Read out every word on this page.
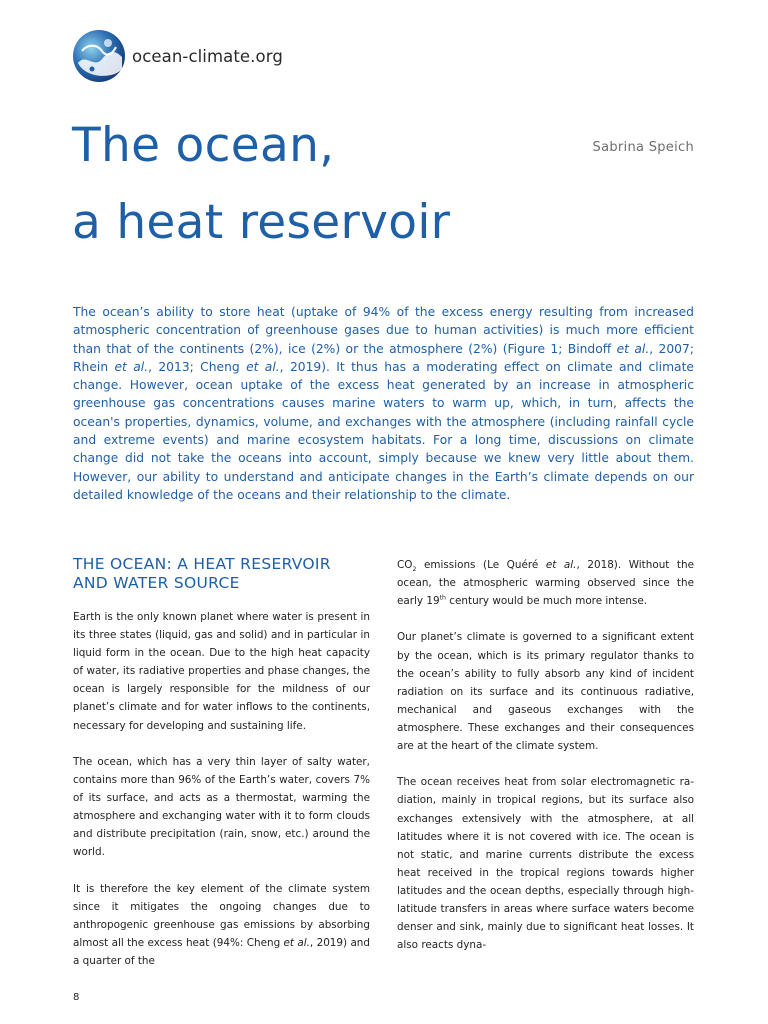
ocean-climate.org
The ocean,
a heat reservoir
Sabrina Speich

The ocean’s ability to store heat (uptake of 94% of the excess energy resulting from increased atmospheric concentration of greenhouse gases due to human activities) is much more efficient than that of the continents (2%), ice (2%) or the atmosphere (2%) (Figure 1; Bindoff et al., 2007; Rhein et al., 2013; Cheng et al., 2019). It thus has a moderating effect on climate and climate change. However, ocean uptake of the excess heat generated by an increase in atmospheric greenhouse gas concentrations causes marine waters to warm up, which, in turn, affects the ocean's properties, dynamics, volume, and exchanges with the atmosphere (including rainfall cycle and extreme events) and marine ecosystem habitats. For a long time, discussions on climate change did not take the oceans into account, simply because we knew very little about them. However, our ability to understand and anticipate changes in the Earth’s climate depends on our detailed knowledge of the oceans and their relationship to the climate.

THE OCEAN: A HEAT RESERVOIR AND WATER SOURCE

Earth is the only known planet where water is present in its three states (liquid, gas and solid) and in particular in liquid form in the ocean. Due to the high heat capacity of water, its radiative properties and phase changes, the ocean is largely responsible for the mildness of our planet’s climate and for water inflows to the continents, necessary for developing and sustaining life.

The ocean, which has a very thin layer of salty water, contains more than 96% of the Earth’s water, covers 7% of its surface, and acts as a thermostat, warming the atmosphere and exchanging water with it to form clouds and distribute precipitation (rain, snow, etc.) around the world.

It is therefore the key element of the climate system since it mitigates the ongoing changes due to anthropogenic greenhouse gas emissions by absorbing almost all the excess heat (94%: Cheng et al., 2019) and a quarter of the

$CO_2$ emissions (Le Quéré et al., 2018). Without the ocean, the atmospheric warming observed since the early 19th century would be much more intense.

Our planet’s climate is governed to a significant extent by the ocean, which is its primary regulator thanks to the ocean’s ability to fully absorb any kind of incident radiation on its surface and its continuous radiative, mechanical and gaseous exchanges with the atmosphere. These exchanges and their consequences are at the heart of the climate system.

The ocean receives heat from solar electromagnetic radiation, mainly in tropical regions, but its surface also exchanges extensively with the atmosphere, at all latitudes where it is not covered with ice. The ocean is not static, and marine currents distribute the excess heat received in the tropical regions towards higher latitudes and the ocean depths, especially through high-latitude transfers in areas where surface waters become denser and sink, mainly due to significant heat losses. It also reacts dyna-

8
